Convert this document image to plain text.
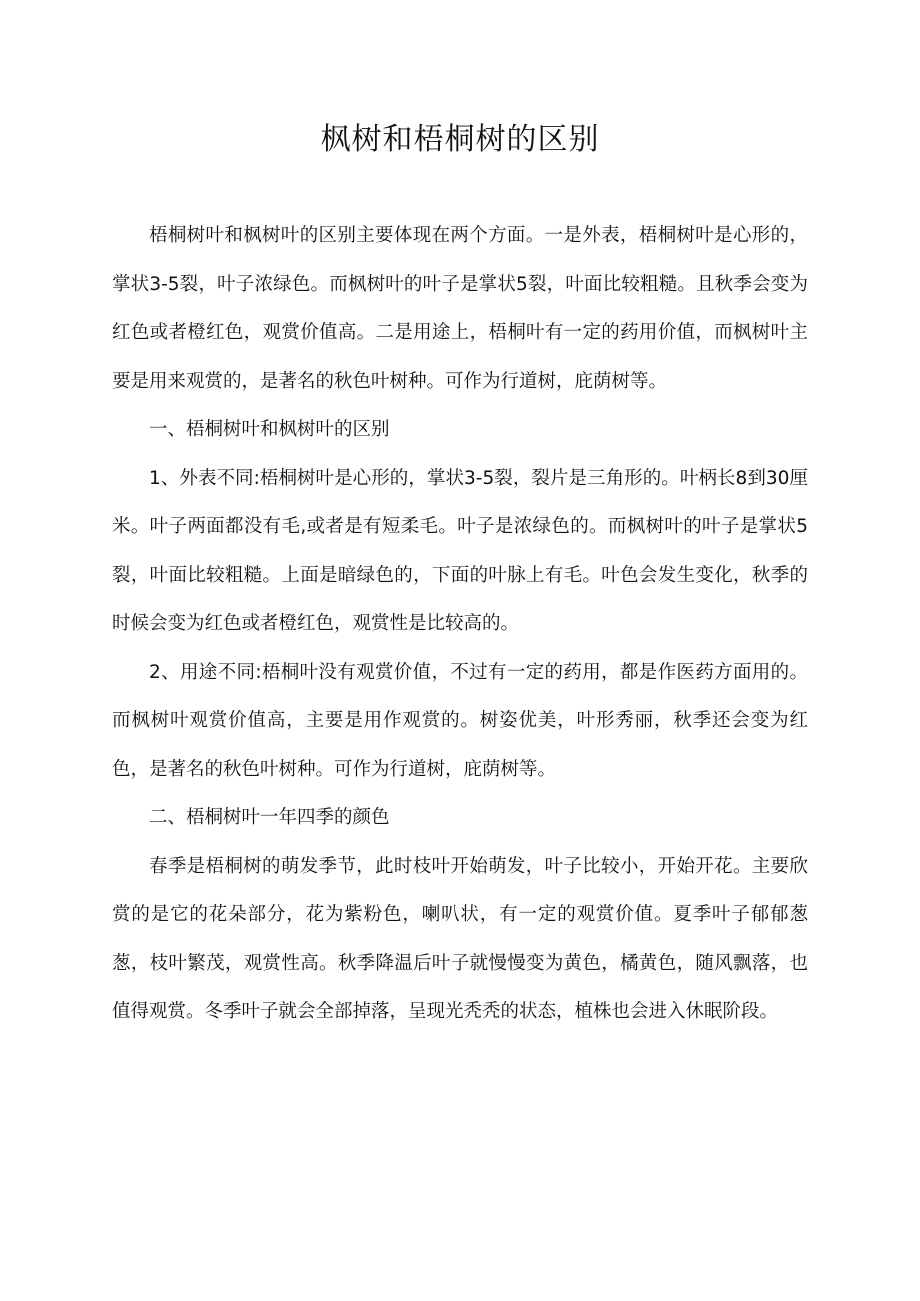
枫树和梧桐树的区别

梧桐树叶和枫树叶的区别主要体现在两个方面。一是外表，梧桐树叶是心形的，掌状3-5裂，叶子浓绿色。而枫树叶的叶子是掌状5裂，叶面比较粗糙。且秋季会变为红色或者橙红色，观赏价值高。二是用途上，梧桐叶有一定的药用价值，而枫树叶主要是用来观赏的，是著名的秋色叶树种。可作为行道树，庇荫树等。

一、梧桐树叶和枫树叶的区别

1、外表不同:梧桐树叶是心形的，掌状3-5裂，裂片是三角形的。叶柄长8到30厘米。叶子两面都没有毛,或者是有短柔毛。叶子是浓绿色的。而枫树叶的叶子是掌状5裂，叶面比较粗糙。上面是暗绿色的，下面的叶脉上有毛。叶色会发生变化，秋季的时候会变为红色或者橙红色，观赏性是比较高的。

2、用途不同:梧桐叶没有观赏价值，不过有一定的药用，都是作医药方面用的。而枫树叶观赏价值高，主要是用作观赏的。树姿优美，叶形秀丽，秋季还会变为红色，是著名的秋色叶树种。可作为行道树，庇荫树等。

二、梧桐树叶一年四季的颜色

春季是梧桐树的萌发季节，此时枝叶开始萌发，叶子比较小，开始开花。主要欣赏的是它的花朵部分，花为紫粉色，喇叭状，有一定的观赏价值。夏季叶子郁郁葱葱，枝叶繁茂，观赏性高。秋季降温后叶子就慢慢变为黄色，橘黄色，随风飘落，也值得观赏。冬季叶子就会全部掉落，呈现光秃秃的状态，植株也会进入休眠阶段。
